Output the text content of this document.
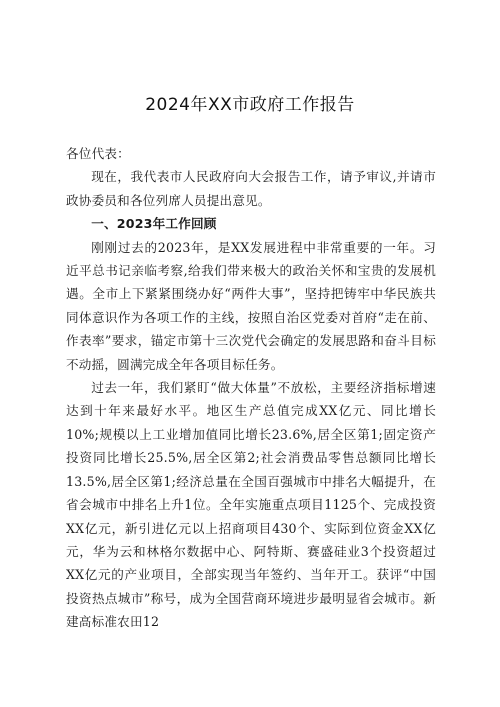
2024年XX市政府工作报告

各位代表：

现在，我代表市人民政府向大会报告工作，请予审议,并请市政协委员和各位列席人员提出意见。

一、2023年工作回顾

刚刚过去的2023年，是XX发展进程中非常重要的一年。习近平总书记亲临考察,给我们带来极大的政治关怀和宝贵的发展机遇。全市上下紧紧围绕办好“两件大事”，坚持把铸牢中华民族共同体意识作为各项工作的主线，按照自治区党委对首府“走在前、作表率”要求，锚定市第十三次党代会确定的发展思路和奋斗目标不动摇，圆满完成全年各项目标任务。

过去一年，我们紧盯“做大体量”不放松，主要经济指标增速达到十年来最好水平。地区生产总值完成XX亿元、同比增长10%;规模以上工业增加值同比增长23.6%,居全区第1;固定资产投资同比增长25.5%,居全区第2;社会消费品零售总额同比增长13.5%,居全区第1;经济总量在全国百强城市中排名大幅提升，在省会城市中排名上升1位。全年实施重点项目1125个、完成投资XX亿元，新引进亿元以上招商项目430个、实际到位资金XX亿元，华为云和林格尔数据中心、阿特斯、赛盛硅业3个投资超过XX亿元的产业项目，全部实现当年签约、当年开工。获评“中国投资热点城市”称号，成为全国营商环境进步最明显省会城市。新建高标准农田12
